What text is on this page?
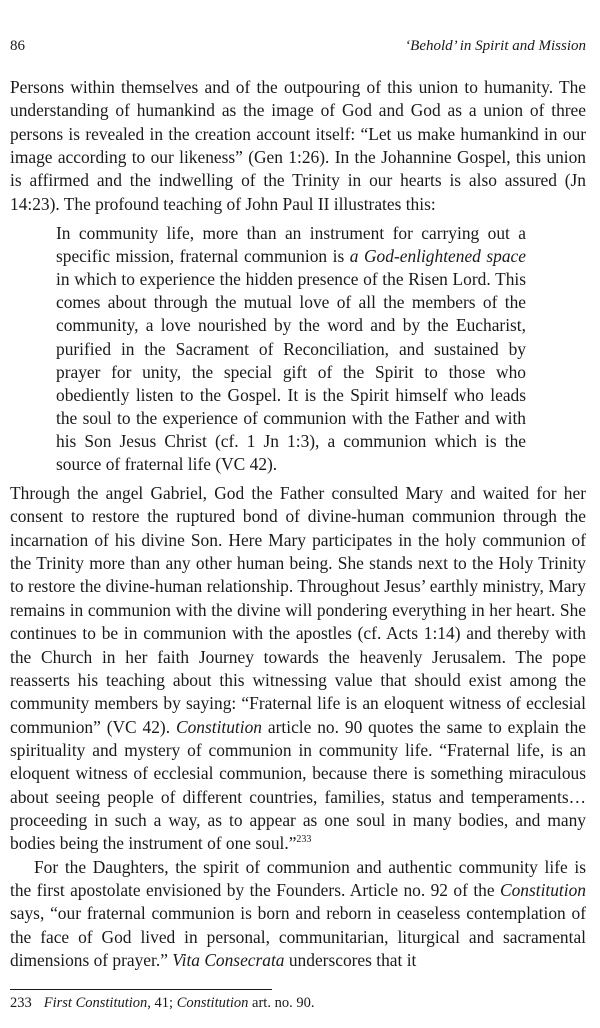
86	‘Behold’ in Spirit and Mission

Persons within themselves and of the outpouring of this union to humanity. The understanding of humankind as the image of God and God as a union of three persons is revealed in the creation account itself: “Let us make humankind in our image according to our likeness” (Gen 1:26). In the Johannine Gospel, this union is affirmed and the indwelling of the Trinity in our hearts is also assured (Jn 14:23). The profound teaching of John Paul II illustrates this:

In community life, more than an instrument for carrying out a specific mission, fraternal communion is a God-enlightened space in which to experience the hidden presence of the Risen Lord. This comes about through the mutual love of all the members of the community, a love nourished by the word and by the Eucharist, purified in the Sacrament of Reconciliation, and sustained by prayer for unity, the special gift of the Spirit to those who obediently listen to the Gospel. It is the Spirit himself who leads the soul to the experience of communion with the Father and with his Son Jesus Christ (cf. 1 Jn 1:3), a communion which is the source of fraternal life (VC 42).

Through the angel Gabriel, God the Father consulted Mary and waited for her consent to restore the ruptured bond of divine-human communion through the incarnation of his divine Son. Here Mary participates in the holy communion of the Trinity more than any other human being. She stands next to the Holy Trinity to restore the divine-human relationship. Throughout Jesus’ earthly ministry, Mary remains in communion with the divine will pondering everything in her heart. She continues to be in communion with the apostles (cf. Acts 1:14) and thereby with the Church in her faith Journey towards the heavenly Jerusalem. The pope reasserts his teaching about this witnessing value that should exist among the community members by saying: “Fraternal life is an eloquent witness of ecclesial communion” (VC 42). Constitution article no. 90 quotes the same to explain the spirituality and mystery of communion in community life. “Fraternal life, is an eloquent witness of ecclesial communion, because there is something miraculous about seeing people of different countries, families, status and temperaments…proceeding in such a way, as to appear as one soul in many bodies, and many bodies being the instrument of one soul.”$^{233}$

For the Daughters, the spirit of communion and authentic community life is the first apostolate envisioned by the Founders. Article no. 92 of the Constitution says, “our fraternal communion is born and reborn in ceaseless contemplation of the face of God lived in personal, communitarian, liturgical and sacramental dimensions of prayer.” Vita Consecrata underscores that it

233 First Constitution, 41; Constitution art. no. 90.
